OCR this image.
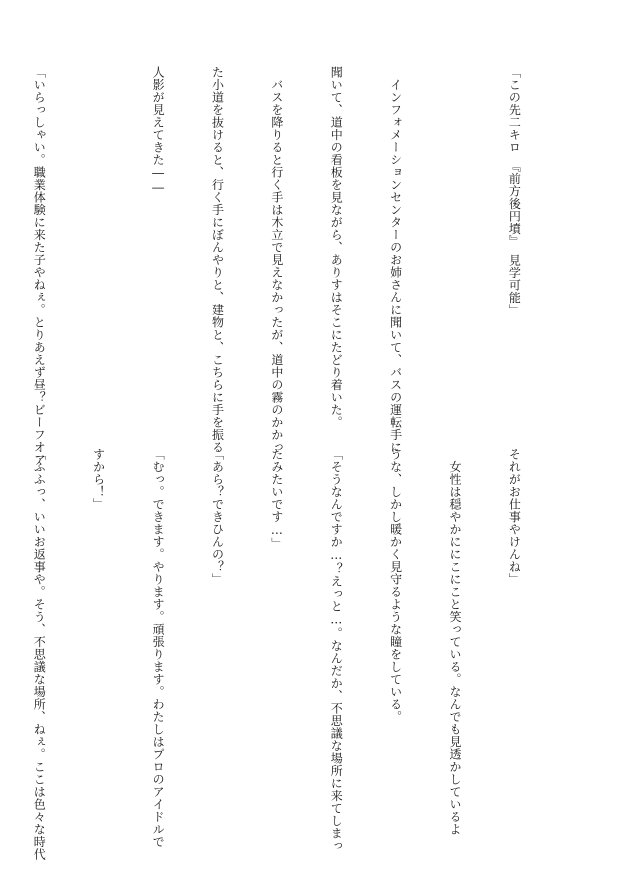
「この先二キロ　『前方後円墳』　見学可能」

　インフォメーションセンターのお姉さんに聞いて、バスの運転手に

聞いて、道中の看板を見ながら、ありすはそこにたどり着いた。

　バスを降りると行く手は木立で見えなかったが、道中の霧のかかっ

た小道を抜けると、行く手にぼんやりと、建物と、こちらに手を振る

人影が見えてきた――

「いらっしゃい。職業体験に来た子やねぇ。とりあえず昼？ビーフオア

それがお仕事やけんね」

　女性は穏やかににこにこと笑っている。なんでも見透かしているよ

うな、しかし暖かく見守るような瞳をしている。

「そうなんですか…？えっと…。なんだか、不思議な場所に来てしまっ

たみたいです…」

「あら？できひんの？」

「むっ。できます。やります。頑張ります。わたしはプロのアイドルで

すから！」

「ふふっ、いいお返事や。そう、不思議な場所、ねぇ。ここは色々な時代
